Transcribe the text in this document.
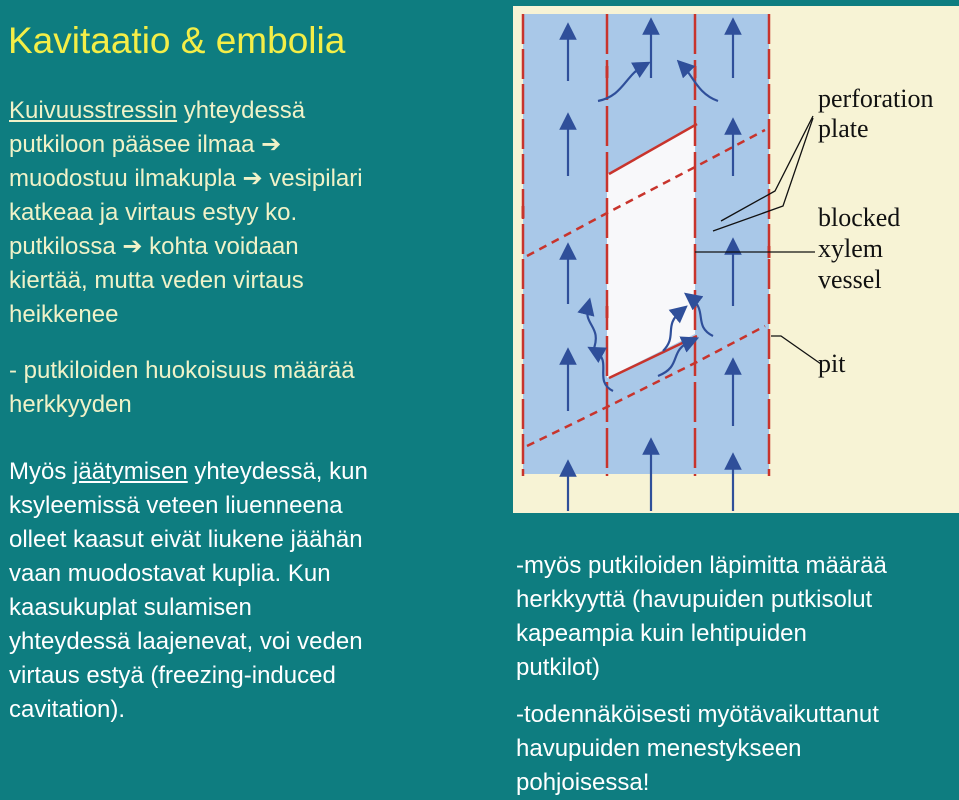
Kavitaatio & embolia
Kuivuusstressin yhteydessä
putkiloon pääsee ilmaa ➔
muodostuu ilmakupla ➔ vesipilari
katkeaa ja virtaus estyy ko.
putkilossa ➔ kohta voidaan
kiertää, mutta veden virtaus
heikkenee
- putkiloiden huokoisuus määrää
herkkyyden
Myös jäätymisen yhteydessä, kun
ksyleemissä veteen liuenneena
olleet kaasut eivät liukene jäähän
vaan muodostavat kuplia. Kun
kaasukuplat sulamisen
yhteydessä laajenevat, voi veden
virtaus estyä (freezing-induced
cavitation).
perforation
plate
blocked
xylem
vessel
pit
-myös putkiloiden läpimitta määrää
herkkyyttä (havupuiden putkisolut
kapeampia kuin lehtipuiden
putkilot)
-todennäköisesti myötävaikuttanut
havupuiden menestykseen
pohjoisessa!
